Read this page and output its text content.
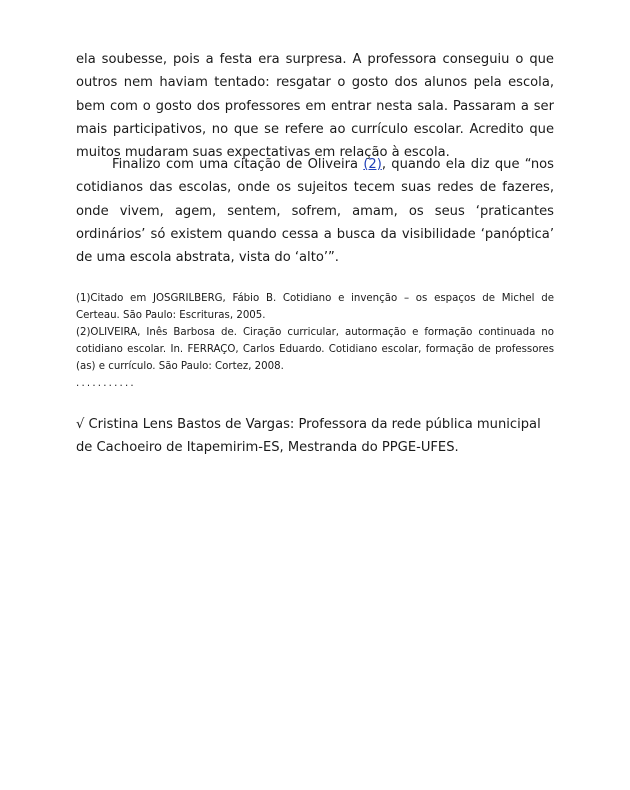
ela soubesse, pois a festa era surpresa. A professora conseguiu o que outros nem haviam tentado: resgatar o gosto dos alunos pela escola, bem com o gosto dos professores em entrar nesta sala. Passaram a ser mais participativos, no que se refere ao currículo escolar. Acredito que muitos mudaram suas expectativas em relação à escola.

Finalizo com uma citação de Oliveira (2), quando ela diz que “nos cotidianos das escolas, onde os sujeitos tecem suas redes de fazeres, onde vivem, agem, sentem, sofrem, amam, os seus ‘praticantes ordinários’ só existem quando cessa a busca da visibilidade ‘panóptica’ de uma escola abstrata, vista do ‘alto’”.

(1)Citado em JOSGRILBERG, Fábio B. Cotidiano e invenção – os espaços de Michel de Certeau. São Paulo: Escrituras, 2005.

(2)OLIVEIRA, Inês Barbosa de. Ciração curricular, autormação e formação continuada no cotidiano escolar. In. FERRAÇO, Carlos Eduardo. Cotidiano escolar, formação de professores (as) e currículo. São Paulo: Cortez, 2008.

...........

√ Cristina Lens Bastos de Vargas: Professora da rede pública municipal de Cachoeiro de Itapemirim-ES, Mestranda do PPGE-UFES.
